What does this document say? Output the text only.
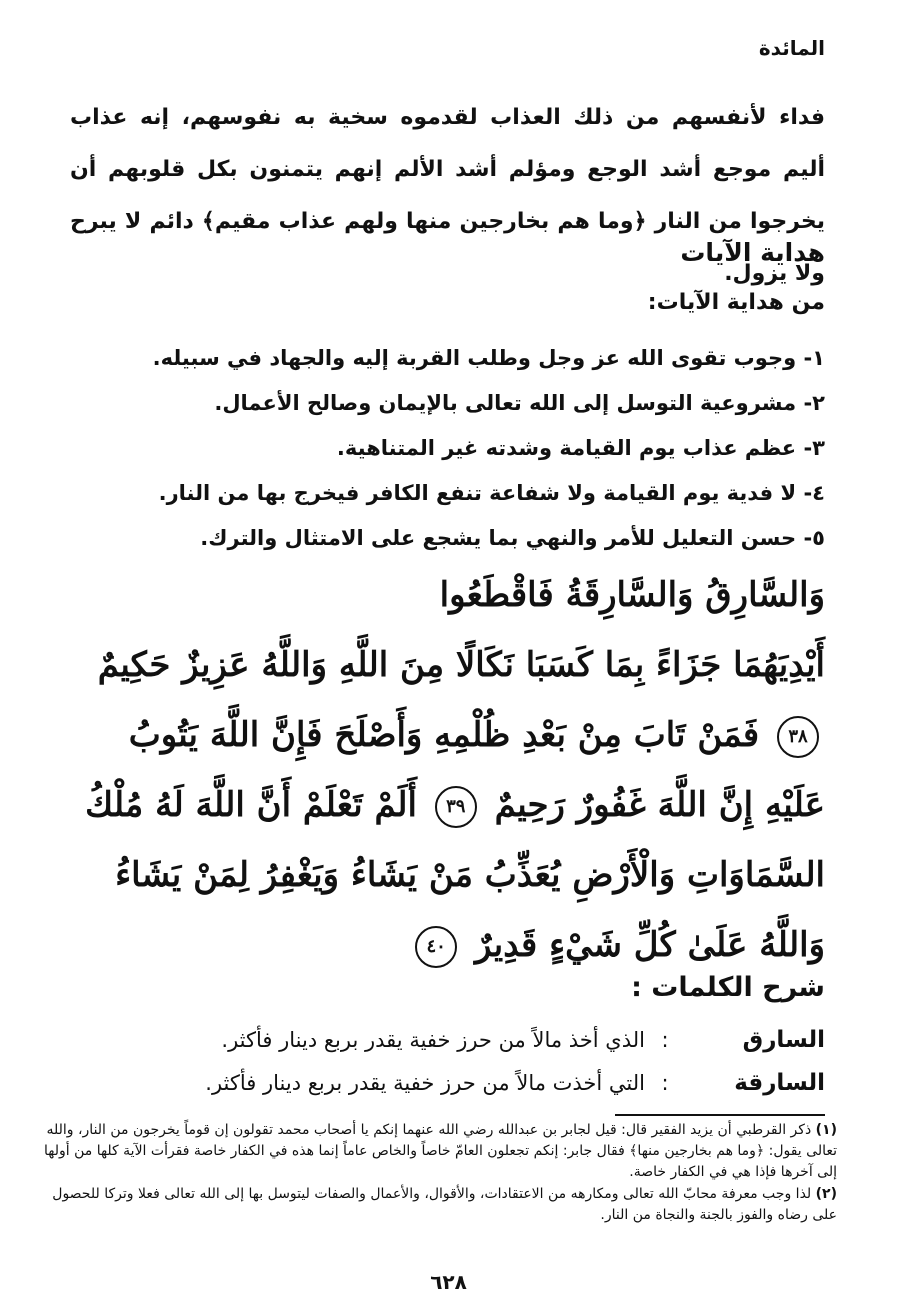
المائدة
فداء لأنفسهم من ذلك العذاب لقدموه سخية به نفوسهم، إنه عذاب أليم موجع أشد الوجع ومؤلم أشد الألم إنهم يتمنون بكل قلوبهم أن يخرجوا من النار ﴿وما هم بخارجين منها ولهم عذاب مقيم﴾ دائم لا يبرح ولا يزول.
هداية الآيات
من هداية الآيات:
١- وجوب تقوى الله عز وجل وطلب القربة إليه والجهاد في سبيله.
٢- مشروعية التوسل إلى الله تعالى بالإيمان وصالح الأعمال.
٣- عظم عذاب يوم القيامة وشدته غير المتناهية.
٤- لا فدية يوم القيامة ولا شفاعة تنفع الكافر فيخرج بها من النار.
٥- حسن التعليل للأمر والنهي بما يشجع على الامتثال والترك.
وَالسَّارِقُ وَالسَّارِقَةُ فَاقْطَعُوا
أَيْدِيَهُمَا جَزَاءً بِمَا كَسَبَا نَكَالًا مِنَ اللَّهِ وَاللَّهُ عَزِيزٌ حَكِيمٌ
٣٨ فَمَنْ تَابَ مِنْ بَعْدِ ظُلْمِهِ وَأَصْلَحَ فَإِنَّ اللَّهَ يَتُوبُ
عَلَيْهِ إِنَّ اللَّهَ غَفُورٌ رَحِيمٌ ٣٩ أَلَمْ تَعْلَمْ أَنَّ اللَّهَ لَهُ مُلْكُ
السَّمَاوَاتِ وَالْأَرْضِ يُعَذِّبُ مَنْ يَشَاءُ وَيَغْفِرُ لِمَنْ يَشَاءُ
وَاللَّهُ عَلَىٰ كُلِّ شَيْءٍ قَدِيرٌ ٤٠
شرح الكلمات :
السارق:الذي أخذ مالاً من حرز خفية يقدر بربع دينار فأكثر.
السارقة:التي أخذت مالاً من حرز خفية يقدر بربع دينار فأكثر.

(١) ذكر القرطبي أن يزيد الفقير قال: قيل لجابر بن عبدالله رضي الله عنهما إنكم يا أصحاب محمد تقولون إن قوماً يخرجون من النار، والله تعالى يقول: ﴿وما هم بخارجين منها﴾ فقال جابر: إنكم تجعلون العامّ خاصاً والخاص عاماً إنما هذه في الكفار خاصة فقرأت الآية كلها من أولها إلى آخرها فإذا هي في الكفار خاصة.

(٢) لذا وجب معرفة محابّ الله تعالى ومكارهه من الاعتقادات، والأقوال، والأعمال والصفات ليتوسل بها إلى الله تعالى فعلا وتركا للحصول على رضاه والفوز بالجنة والنجاة من النار.

٦٢٨
